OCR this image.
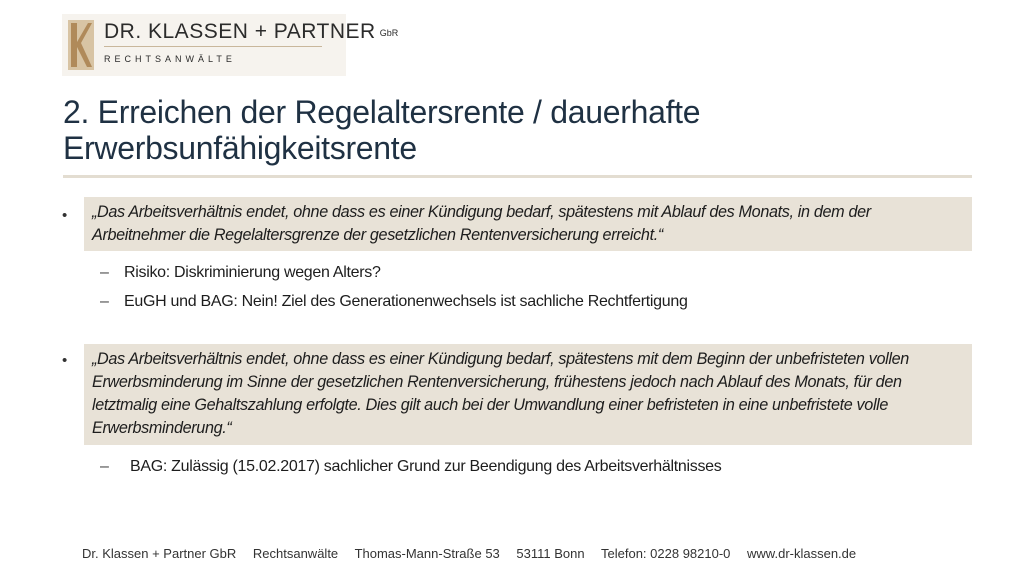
DR. KLASSEN + PARTNER GbR
RECHTSANWÄLTE
2. Erreichen der Regelaltersrente / dauerhafte
Erwerbsunfähigkeitsrente
• „Das Arbeitsverhältnis endet, ohne dass es einer Kündigung bedarf, spätestens mit Ablauf des Monats, in dem der
Arbeitnehmer die Regelaltersgrenze der gesetzlichen Rentenversicherung erreicht.“
– Risiko: Diskriminierung wegen Alters?
– EuGH und BAG: Nein! Ziel des Generationenwechsels ist sachliche Rechtfertigung
• „Das Arbeitsverhältnis endet, ohne dass es einer Kündigung bedarf, spätestens mit dem Beginn der unbefristeten vollen
Erwerbsminderung im Sinne der gesetzlichen Rentenversicherung, frühestens jedoch nach Ablauf des Monats, für den
letztmalig eine Gehaltszahlung erfolgte. Dies gilt auch bei der Umwandlung einer befristeten in eine unbefristete volle
Erwerbsminderung.“
– BAG: Zulässig (15.02.2017) sachlicher Grund zur Beendigung des Arbeitsverhältnisses
Dr. Klassen + Partner GbR Rechtsanwälte Thomas-Mann-Straße 53 53111 Bonn Telefon: 0228 98210-0 www.dr-klassen.de
